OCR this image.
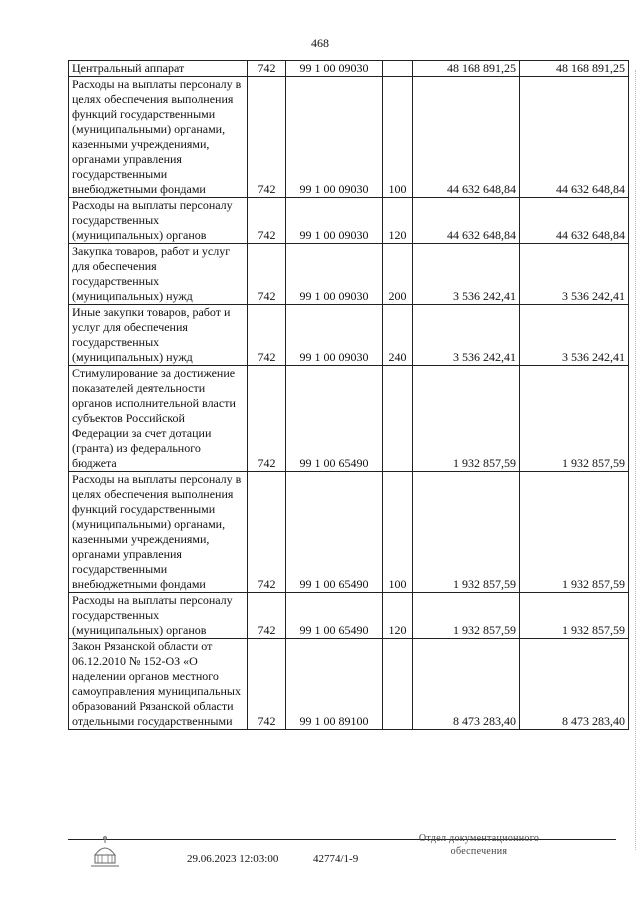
468
Центральный аппарат	742	99 1 00 09030		48 168 891,25	48 168 891,25
Расходы на выплаты персоналу в целях обеспечения выполнения функций государственными (муниципальными) органами, казенными учреждениями, органами управления государственными внебюджетными фондами	742	99 1 00 09030	100	44 632 648,84	44 632 648,84
Расходы на выплаты персоналу государственных (муниципальных) органов	742	99 1 00 09030	120	44 632 648,84	44 632 648,84
Закупка товаров, работ и услуг для обеспечения государственных (муниципальных) нужд	742	99 1 00 09030	200	3 536 242,41	3 536 242,41
Иные закупки товаров, работ и услуг для обеспечения государственных (муниципальных) нужд	742	99 1 00 09030	240	3 536 242,41	3 536 242,41
Стимулирование за достижение показателей деятельности органов исполнительной власти субъектов Российской Федерации за счет дотации (гранта) из федерального бюджета	742	99 1 00 65490		1 932 857,59	1 932 857,59
Расходы на выплаты персоналу в целях обеспечения выполнения функций государственными (муниципальными) органами, казенными учреждениями, органами управления государственными внебюджетными фондами	742	99 1 00 65490	100	1 932 857,59	1 932 857,59
Расходы на выплаты персоналу государственных (муниципальных) органов	742	99 1 00 65490	120	1 932 857,59	1 932 857,59
Закон Рязанской области от 06.12.2010 № 152-ОЗ «О наделении органов местного самоуправления муниципальных образований Рязанской области отдельными государственными	742	99 1 00 89100		8 473 283,40	8 473 283,40
29.06.2023 12:03:00	42774/1-9
Отдел документационного
обеспечения
